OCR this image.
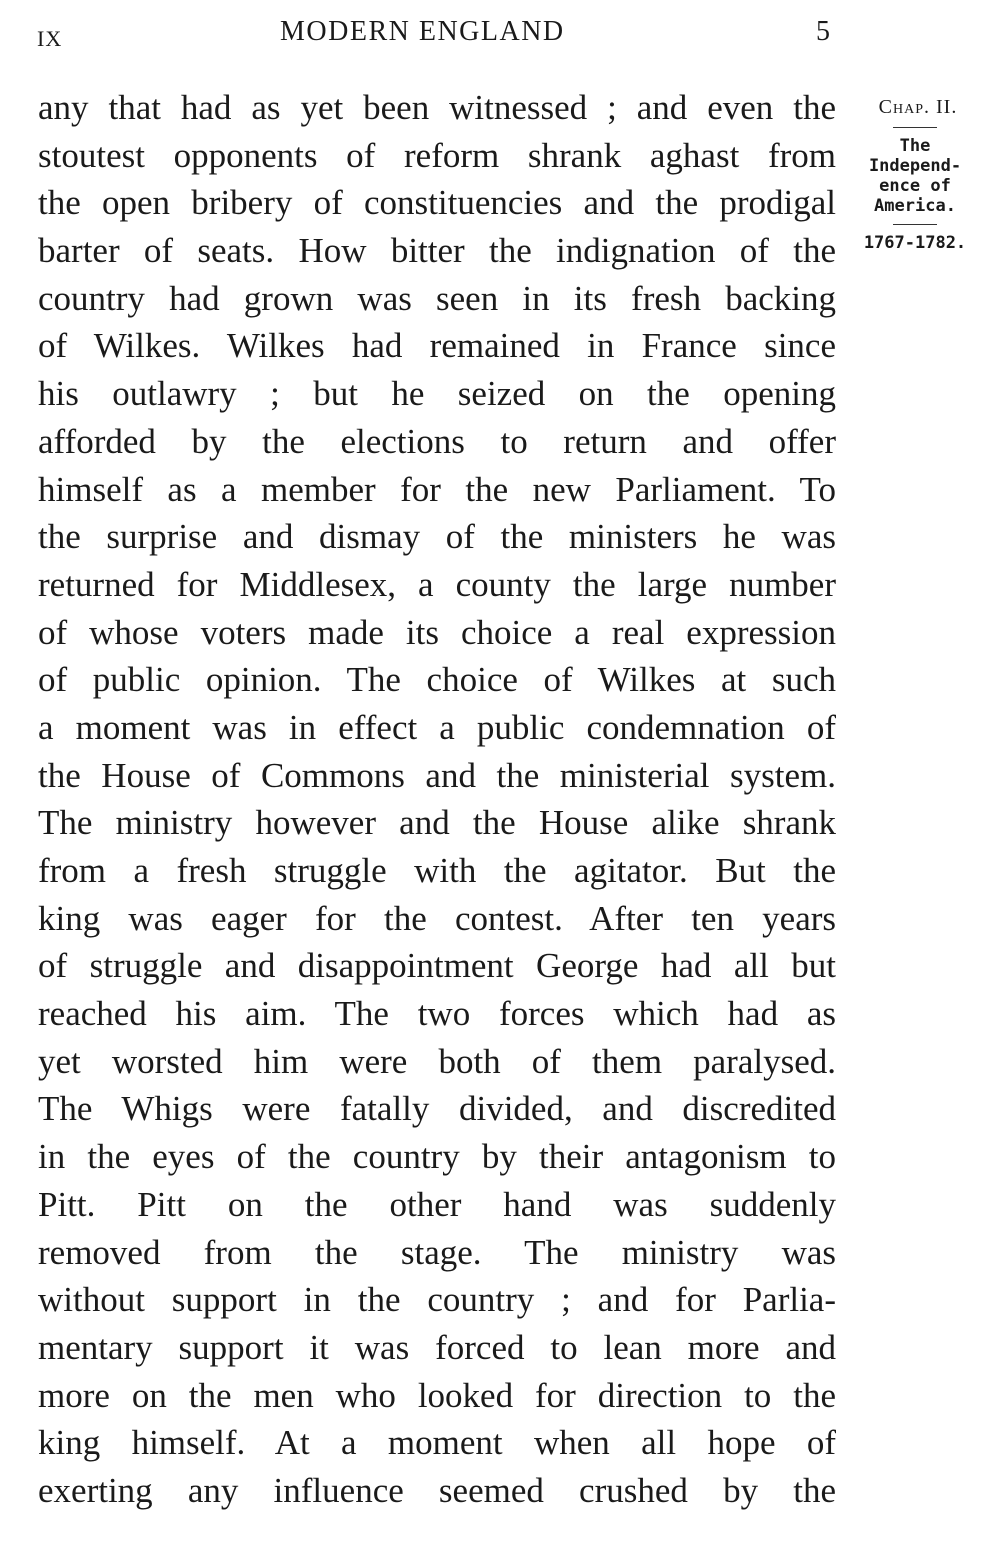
IX	MODERN ENGLAND	5
any that had as yet been witnessed ; and even the
stoutest opponents of reform shrank aghast from
the open bribery of constituencies and the prodigal
barter of seats. How bitter the indignation of the
country had grown was seen in its fresh backing
of Wilkes. Wilkes had remained in France since
his outlawry ; but he seized on the opening
afforded by the elections to return and offer
himself as a member for the new Parliament. To
the surprise and dismay of the ministers he was
returned for Middlesex, a county the large number
of whose voters made its choice a real expression
of public opinion. The choice of Wilkes at such
a moment was in effect a public condemnation of
the House of Commons and the ministerial system.
The ministry however and the House alike shrank
from a fresh struggle with the agitator. But the
king was eager for the contest. After ten years
of struggle and disappointment George had all but
reached his aim. The two forces which had as
yet worsted him were both of them paralysed.
The Whigs were fatally divided, and discredited
in the eyes of the country by their antagonism to
Pitt. Pitt on the other hand was suddenly
removed from the stage. The ministry was
without support in the country ; and for Parlia-
mentary support it was forced to lean more and
more on the men who looked for direction to the
king himself. At a moment when all hope of
exerting any influence seemed crushed by the
Chap. II.
The
Independ-
ence of
America.
1767-1782.
